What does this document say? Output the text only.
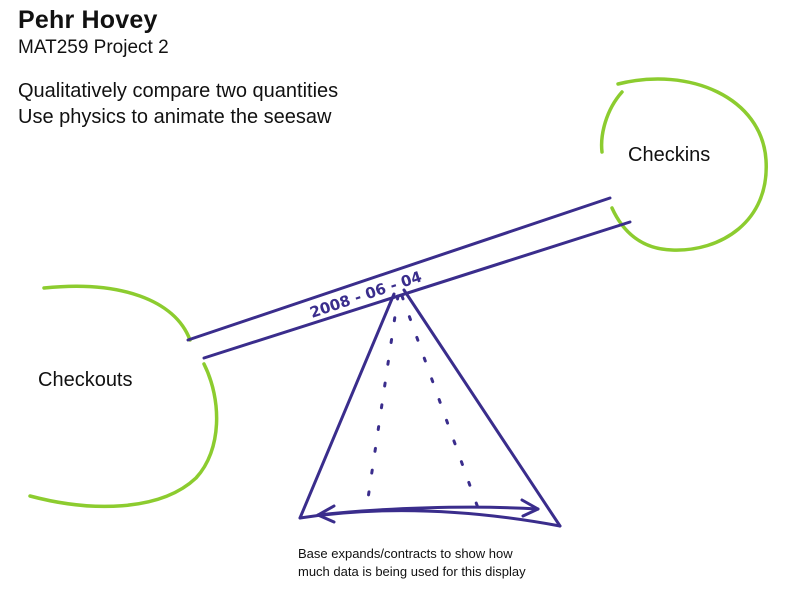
Pehr Hovey
MAT259 Project 2
Qualitatively compare two quantities
Use physics to animate the seesaw
2008 - 06 - 04
Checkins
Checkouts
Base expands/contracts to show how
much data is being used for this display
